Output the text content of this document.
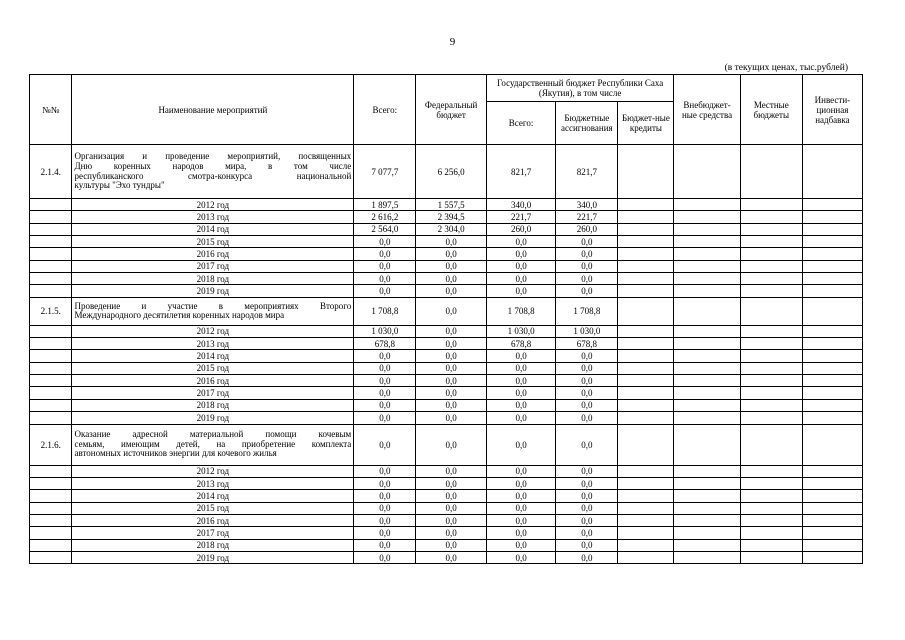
9
(в текущих ценах, тыс.рублей)
№№	Наименование мероприятий	Всего:	Федеральный бюджет	Государственный бюджет Республики Саха (Якутия), в том числе			Внебюджет-ные средства	Местные бюджеты	Инвести-ционная надбавка
				Всего:	Бюджетные ассигнования	Бюджет-ные кредиты			
2.1.4.	Организация и проведение мероприятий, посвященных
Дню коренных народов мира, в том числе
республиканского смотра-конкурса национальной
культуры "Эхо тундры"	7 077,7	6 256,0	821,7	821,7				
	2012 год	1 897,5	1 557,5	340,0	340,0				
	2013 год	2 616,2	2 394,5	221,7	221,7				
	2014 год	2 564,0	2 304,0	260,0	260,0				
	2015 год	0,0	0,0	0,0	0,0				
	2016 год	0,0	0,0	0,0	0,0				
	2017 год	0,0	0,0	0,0	0,0				
	2018 год	0,0	0,0	0,0	0,0				
	2019 год	0,0	0,0	0,0	0,0				
2.1.5.	Проведение и участие в мероприятиях Второго
Международного десятилетия коренных народов мира	1 708,8	0,0	1 708,8	1 708,8				
	2012 год	1 030,0	0,0	1 030,0	1 030,0				
	2013 год	678,8	0,0	678,8	678,8				
	2014 год	0,0	0,0	0,0	0,0				
	2015 год	0,0	0,0	0,0	0,0				
	2016 год	0,0	0,0	0,0	0,0				
	2017 год	0,0	0,0	0,0	0,0				
	2018 год	0,0	0,0	0,0	0,0				
	2019 год	0,0	0,0	0,0	0,0				
2.1.6.	Оказание адресной материальной помощи кочевым
семьям, имеющим детей, на приобретение комплекта
автономных источников энергии для кочевого жилья	0,0	0,0	0,0	0,0				
	2012 год	0,0	0,0	0,0	0,0				
	2013 год	0,0	0,0	0,0	0,0				
	2014 год	0,0	0,0	0,0	0,0				
	2015 год	0,0	0,0	0,0	0,0				
	2016 год	0,0	0,0	0,0	0,0				
	2017 год	0,0	0,0	0,0	0,0				
	2018 год	0,0	0,0	0,0	0,0				
	2019 год	0,0	0,0	0,0	0,0				
